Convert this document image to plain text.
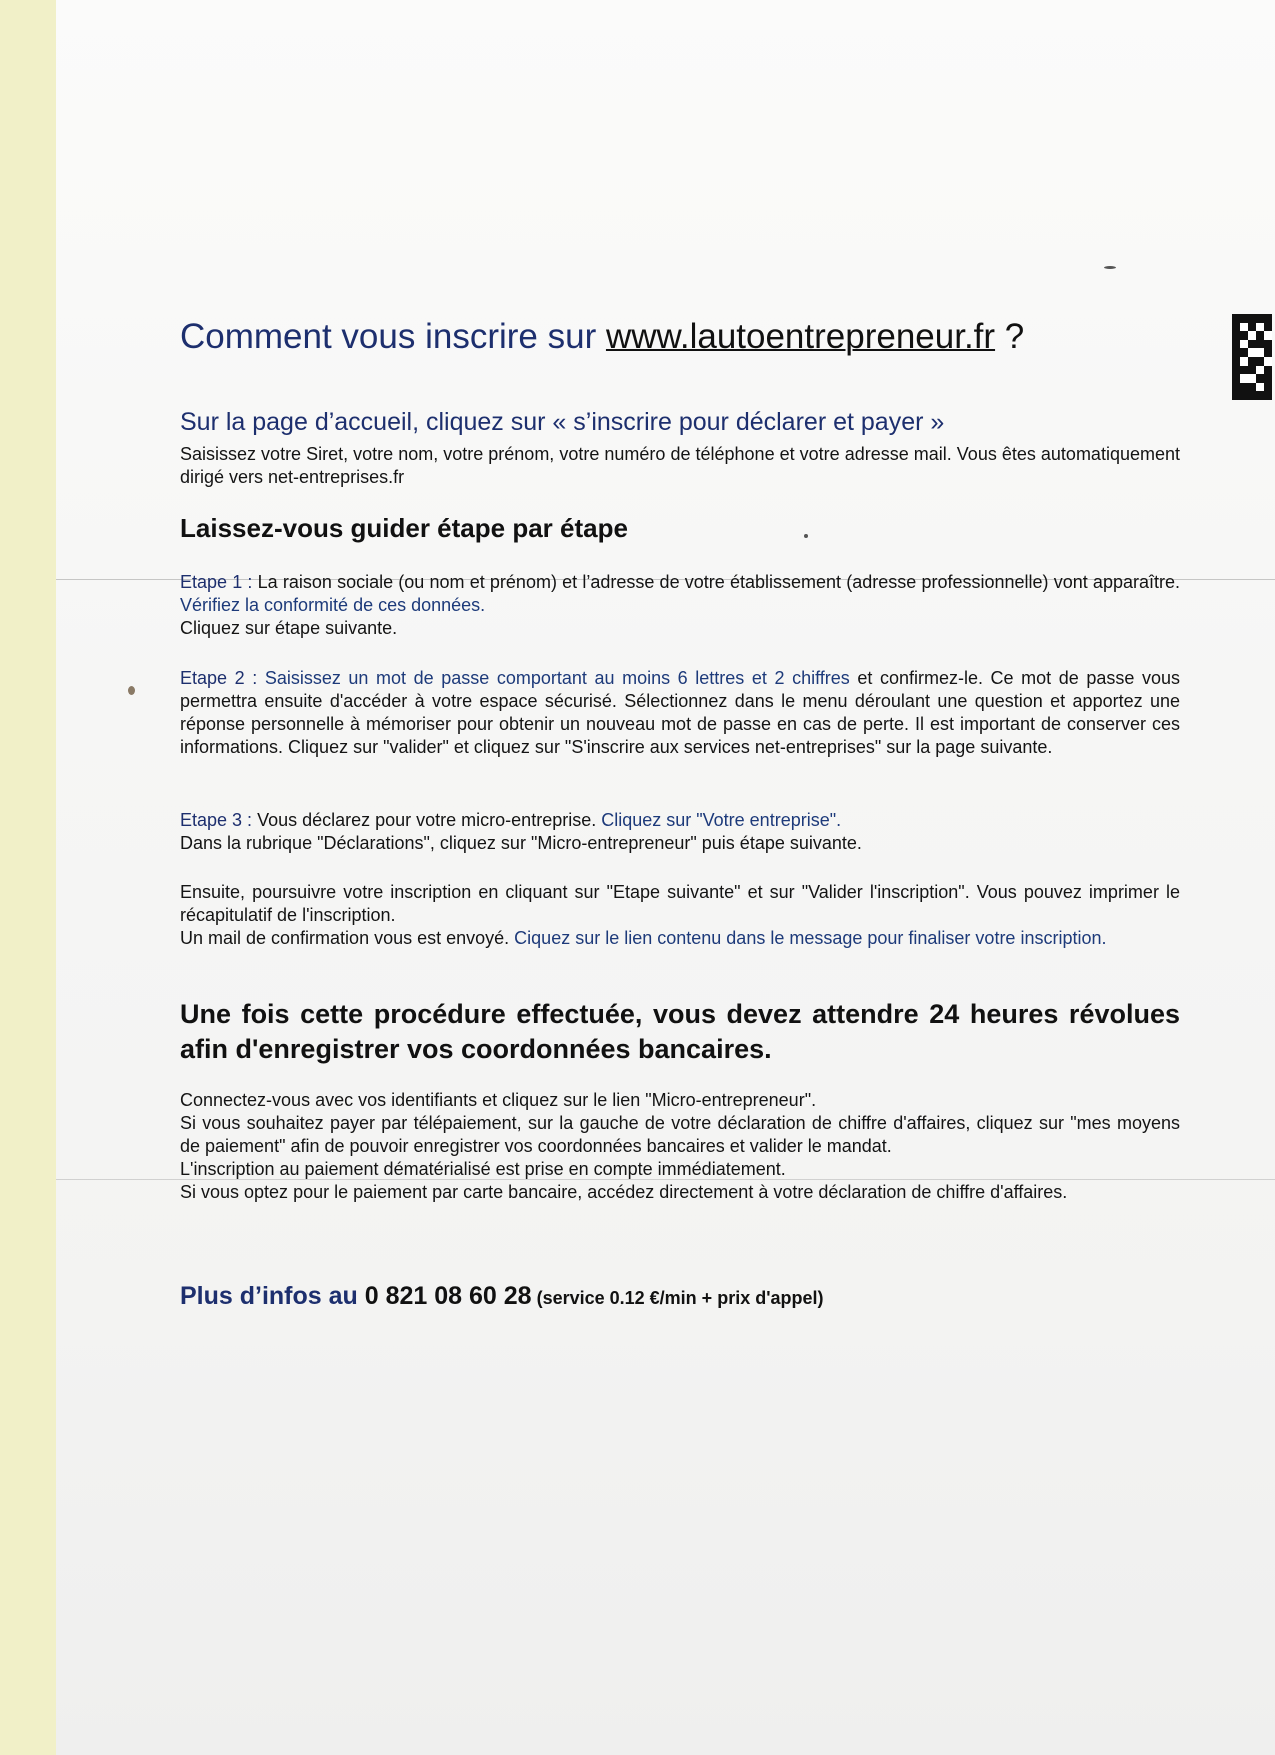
Comment vous inscrire sur www.lautoentrepreneur.fr ?
Sur la page d’accueil, cliquez sur « s’inscrire pour déclarer et payer »

Saisissez votre Siret, votre nom, votre prénom, votre numéro de téléphone et votre adresse mail. Vous êtes automatiquement dirigé vers net-entreprises.fr

Laissez-vous guider étape par étape

Etape 1 : La raison sociale (ou nom et prénom) et l’adresse de votre établissement (adresse professionnelle) vont apparaître. Vérifiez la conformité de ces données.
Cliquez sur étape suivante.

Etape 2 : Saisissez un mot de passe comportant au moins 6 lettres et 2 chiffres et confirmez-le. Ce mot de passe vous permettra ensuite d'accéder à votre espace sécurisé. Sélectionnez dans le menu déroulant une question et apportez une réponse personnelle à mémoriser pour obtenir un nouveau mot de passe en cas de perte. Il est important de conserver ces informations. Cliquez sur "valider" et cliquez sur "S'inscrire aux services net-entreprises" sur la page suivante.

Etape 3 : Vous déclarez pour votre micro-entreprise. Cliquez sur "Votre entreprise".
Dans la rubrique "Déclarations", cliquez sur "Micro-entrepreneur" puis étape suivante.

Ensuite, poursuivre votre inscription en cliquant sur "Etape suivante" et sur "Valider l'inscription". Vous pouvez imprimer le récapitulatif de l'inscription.
Un mail de confirmation vous est envoyé. Ciquez sur le lien contenu dans le message pour finaliser votre inscription.

Une fois cette procédure effectuée, vous devez attendre 24 heures révolues afin d'enregistrer vos coordonnées bancaires.

Connectez-vous avec vos identifiants et cliquez sur le lien "Micro-entrepreneur".
Si vous souhaitez payer par télépaiement, sur la gauche de votre déclaration de chiffre d'affaires, cliquez sur "mes moyens de paiement" afin de pouvoir enregistrer vos coordonnées bancaires et valider le mandat.
L'inscription au paiement dématérialisé est prise en compte immédiatement.
Si vous optez pour le paiement par carte bancaire, accédez directement à votre déclaration de chiffre d'affaires.

Plus d’infos au 0 821 08 60 28 (service 0.12 €/min + prix d'appel)
